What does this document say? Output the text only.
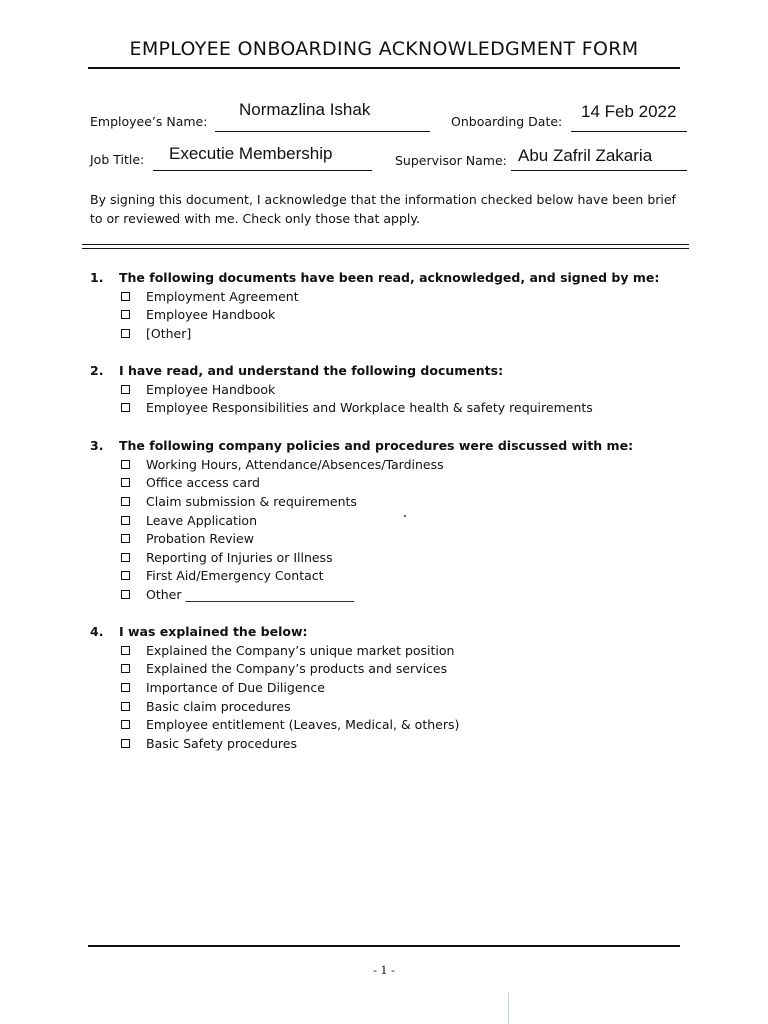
EMPLOYEE ONBOARDING ACKNOWLEDGMENT FORM
Employee’s Name:
Normazlina Ishak
Onboarding Date:
14 Feb 2022
Job Title: Executie Membership	Supervisor Name: Abu Zafril Zakaria
By signing this document, I acknowledge that the information checked below have been brief to or reviewed with me. Check only those that apply.
1.	The following documents have been read, acknowledged, and signed by me:
Employment Agreement
Employee Handbook
[Other]
2.	I have read, and understand the following documents:
Employee Handbook
Employee Responsibilities and Workplace health & safety requirements
3.	The following company policies and procedures were discussed with me:
Working Hours, Attendance/Absences/Tardiness
Office access card
Claim submission & requirements
Leave Application
Probation Review
Reporting of Injuries or Illness
First Aid/Emergency Contact
Other ___________________________
4.	I was explained the below:
Explained the Company’s unique market position
Explained the Company’s products and services
Importance of Due Diligence
Basic claim procedures
Employee entitlement (Leaves, Medical, & others)
Basic Safety procedures
- 1 -
